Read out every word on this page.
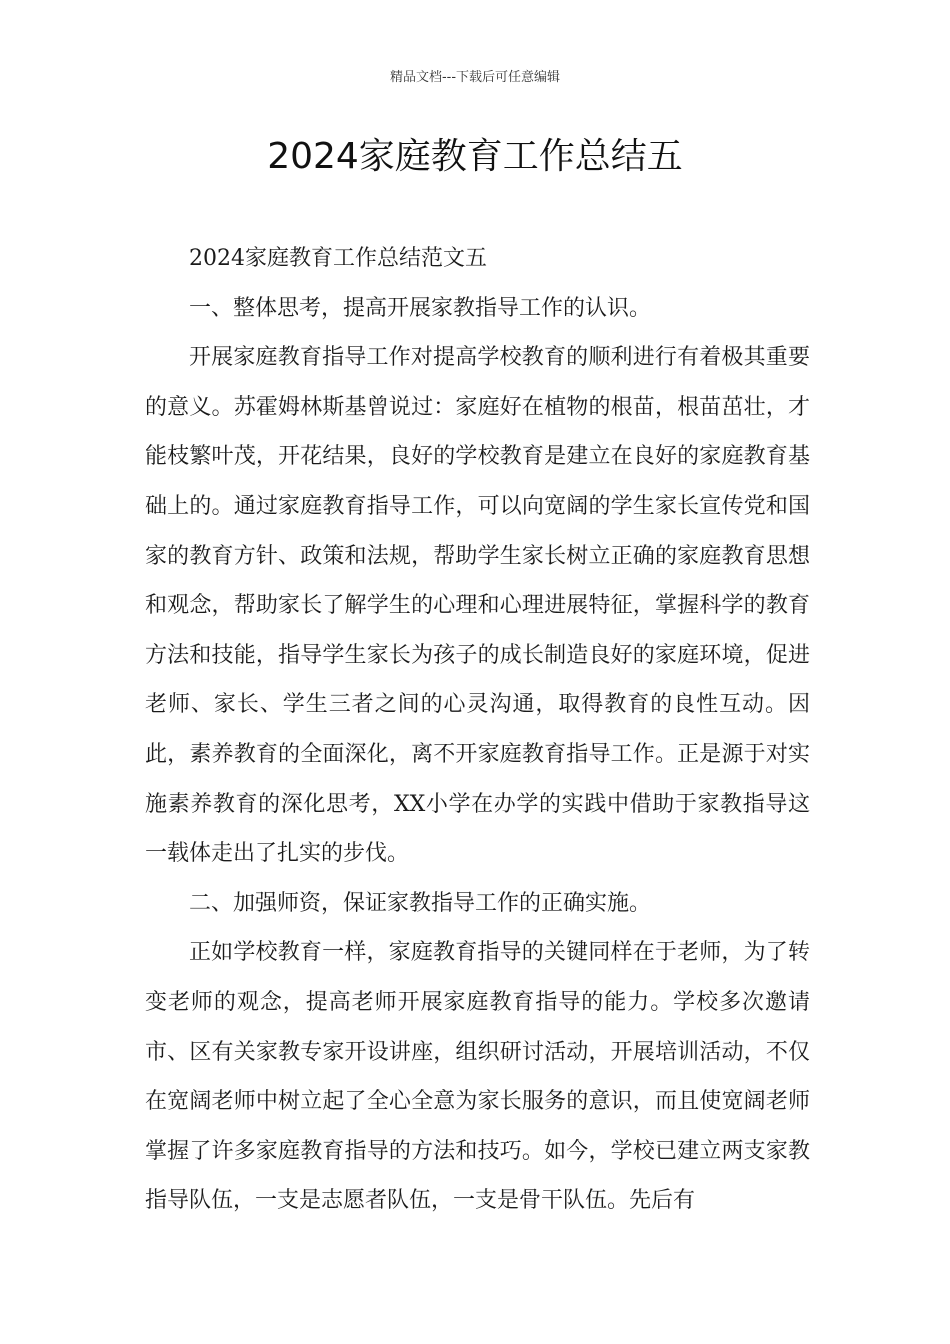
精品文档---下载后可任意编辑
2024家庭教育工作总结五

2024家庭教育工作总结范文五

一、整体思考，提高开展家教指导工作的认识。

开展家庭教育指导工作对提高学校教育的顺利进行有着极其重要的意义。苏霍姆林斯基曾说过：家庭好在植物的根苗，根苗茁壮，才能枝繁叶茂，开花结果，良好的学校教育是建立在良好的家庭教育基础上的。通过家庭教育指导工作，可以向宽阔的学生家长宣传党和国家的教育方针、政策和法规，帮助学生家长树立正确的家庭教育思想和观念，帮助家长了解学生的心理和心理进展特征，掌握科学的教育方法和技能，指导学生家长为孩子的成长制造良好的家庭环境，促进老师、家长、学生三者之间的心灵沟通，取得教育的良性互动。因此，素养教育的全面深化，离不开家庭教育指导工作。正是源于对实施素养教育的深化思考，XX小学在办学的实践中借助于家教指导这一载体走出了扎实的步伐。

二、加强师资，保证家教指导工作的正确实施。

正如学校教育一样，家庭教育指导的关键同样在于老师，为了转变老师的观念，提高老师开展家庭教育指导的能力。学校多次邀请市、区有关家教专家开设讲座，组织研讨活动，开展培训活动，不仅在宽阔老师中树立起了全心全意为家长服务的意识，而且使宽阔老师掌握了许多家庭教育指导的方法和技巧。如今，学校已建立两支家教指导队伍，一支是志愿者队伍，一支是骨干队伍。先后有
